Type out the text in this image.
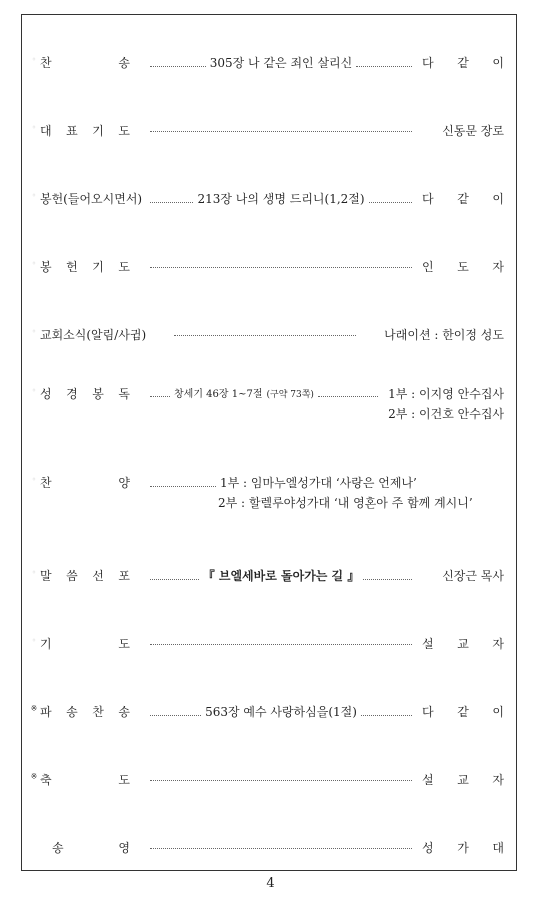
◦ 찬	송	305장 나 같은 죄인 살리신	다 같 이
◦ 대 표 기 도	신동문 장로
◦ 봉헌(들어오시면서)	213장 나의 생명 드리니(1,2절)	다 같 이
◦ 봉 헌 기 도	인 도 자
◦ 교회소식(알림/사귐)	나래이션 : 한이정 성도
◦ 성 경 봉 독	창세기 46장 1~7절 (구약 73쪽)	1부 : 이지영 안수집사
2부 : 이건호 안수집사
◦ 찬	양	1부 : 임마누엘성가대 ‘사랑은 언제나’
2부 : 할렐루야성가대 ‘내 영혼아 주 함께 계시니’
◦ 말 씀 선 포	『 브엘세바로 돌아가는 길 』	신장근 목사
◦ 기	도	설 교 자
※ 파 송 찬 송	563장 예수 사랑하심을(1절)	다 같 이
※ 축	도	설 교 자
송	영	성 가 대
4
